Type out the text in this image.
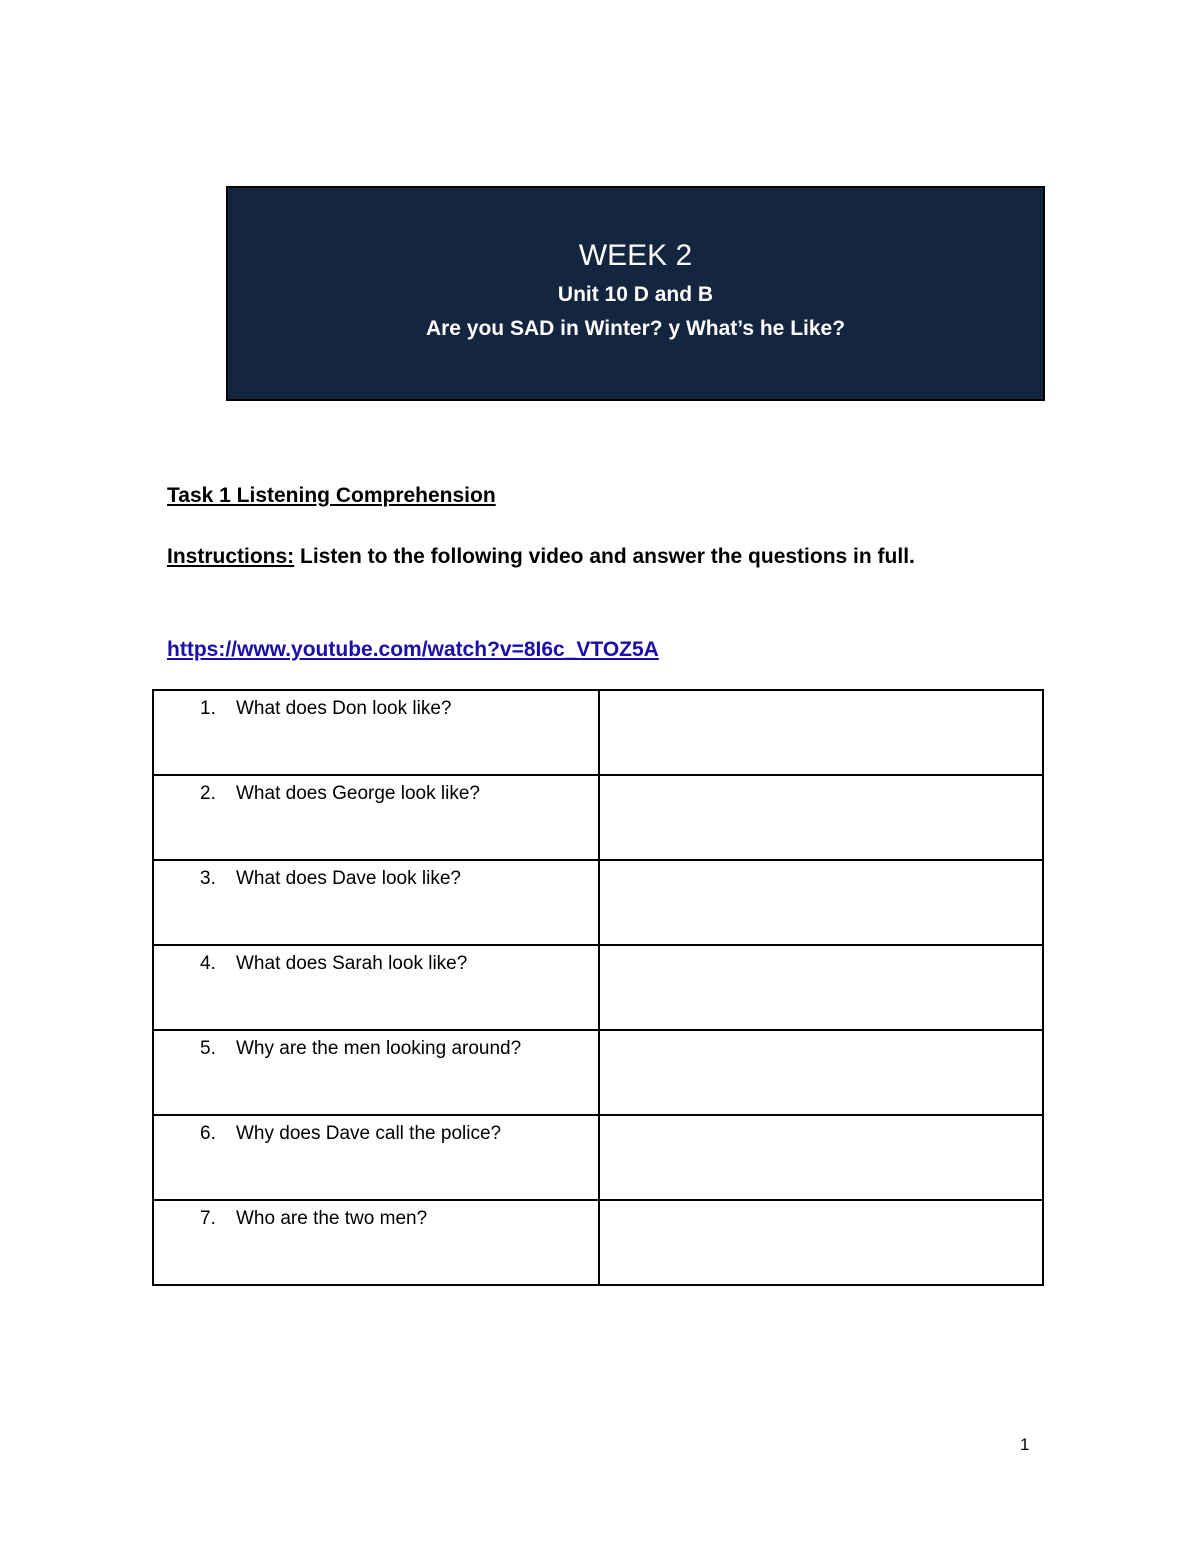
WEEK 2
Unit 10 D and B
Are you SAD in Winter? y What’s he Like?
Task 1 Listening Comprehension
Instructions: Listen to the following video and answer the questions in full.
https://www.youtube.com/watch?v=8I6c_VTOZ5A
1. What does Don look like?	

2. What does George look like?	

3. What does Dave look like?	

4. What does Sarah look like?	

5. Why are the men looking around?	

6. Why does Dave call the police?	

7. Who are the two men?	

1
